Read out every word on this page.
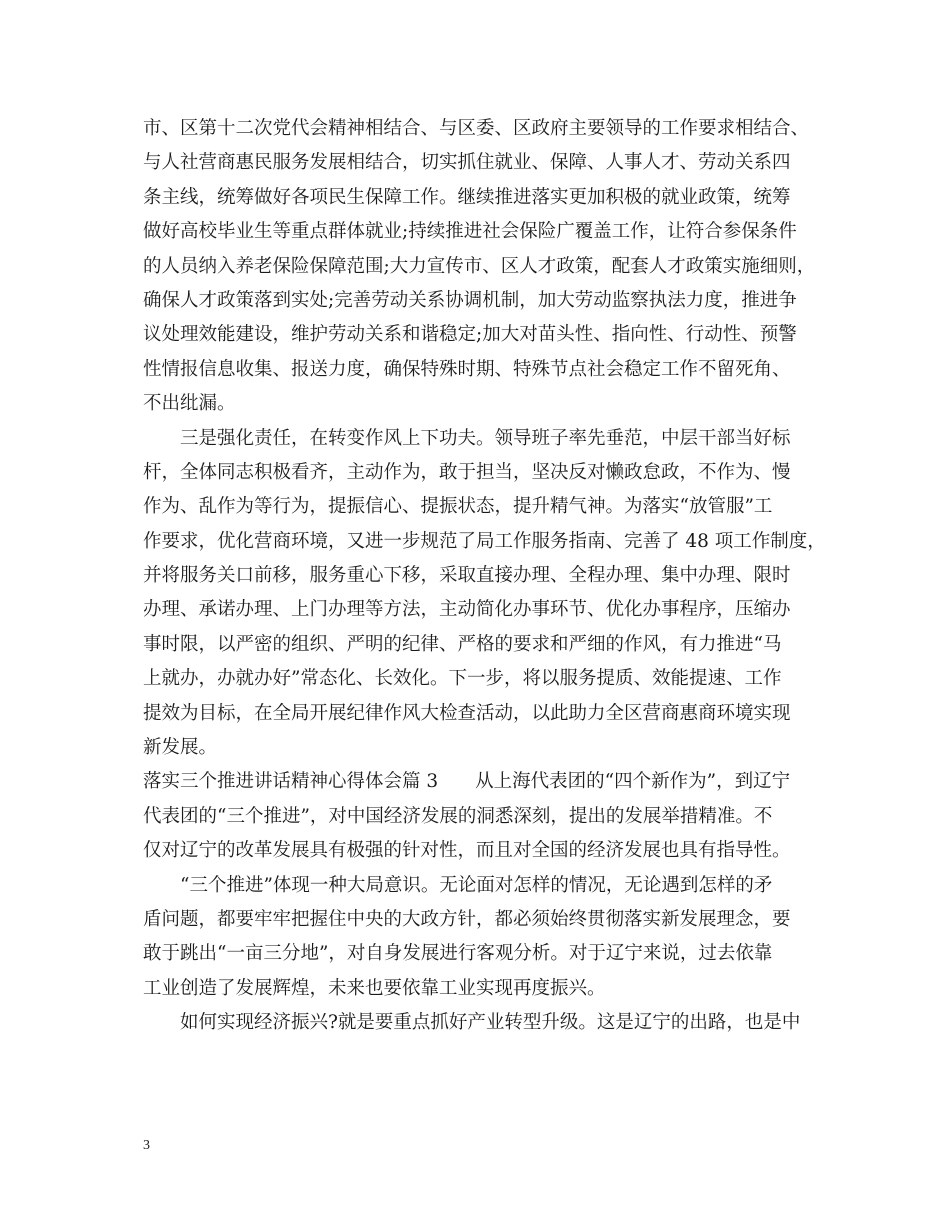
市、区第十二次党代会精神相结合、与区委、区政府主要领导的工作要求相结合、
与人社营商惠民服务发展相结合，切实抓住就业、保障、人事人才、劳动关系四
条主线，统筹做好各项民生保障工作。继续推进落实更加积极的就业政策，统筹
做好高校毕业生等重点群体就业;持续推进社会保险广覆盖工作，让符合参保条件
的人员纳入养老保险保障范围;大力宣传市、区人才政策，配套人才政策实施细则，
确保人才政策落到实处;完善劳动关系协调机制，加大劳动监察执法力度，推进争
议处理效能建设，维护劳动关系和谐稳定;加大对苗头性、指向性、行动性、预警
性情报信息收集、报送力度，确保特殊时期、特殊节点社会稳定工作不留死角、
不出纰漏。
三是强化责任，在转变作风上下功夫。领导班子率先垂范，中层干部当好标
杆，全体同志积极看齐，主动作为，敢于担当，坚决反对懒政怠政，不作为、慢
作为、乱作为等行为，提振信心、提振状态，提升精气神。为落实“放管服”工
作要求，优化营商环境，又进一步规范了局工作服务指南、完善了 48 项工作制度，
并将服务关口前移，服务重心下移，采取直接办理、全程办理、集中办理、限时
办理、承诺办理、上门办理等方法，主动简化办事环节、优化办事程序，压缩办
事时限，以严密的组织、严明的纪律、严格的要求和严细的作风，有力推进“马
上就办，办就办好”常态化、长效化。下一步，将以服务提质、效能提速、工作
提效为目标，在全局开展纪律作风大检查活动，以此助力全区营商惠商环境实现
新发展。
落实三个推进讲话精神心得体会篇 3　　从上海代表团的“四个新作为”，到辽宁
代表团的“三个推进”，对中国经济发展的洞悉深刻，提出的发展举措精准。不
仅对辽宁的改革发展具有极强的针对性，而且对全国的经济发展也具有指导性。
“三个推进”体现一种大局意识。无论面对怎样的情况，无论遇到怎样的矛
盾问题，都要牢牢把握住中央的大政方针，都必须始终贯彻落实新发展理念，要
敢于跳出“一亩三分地”，对自身发展进行客观分析。对于辽宁来说，过去依靠
工业创造了发展辉煌，未来也要依靠工业实现再度振兴。
如何实现经济振兴?就是要重点抓好产业转型升级。这是辽宁的出路，也是中
3
